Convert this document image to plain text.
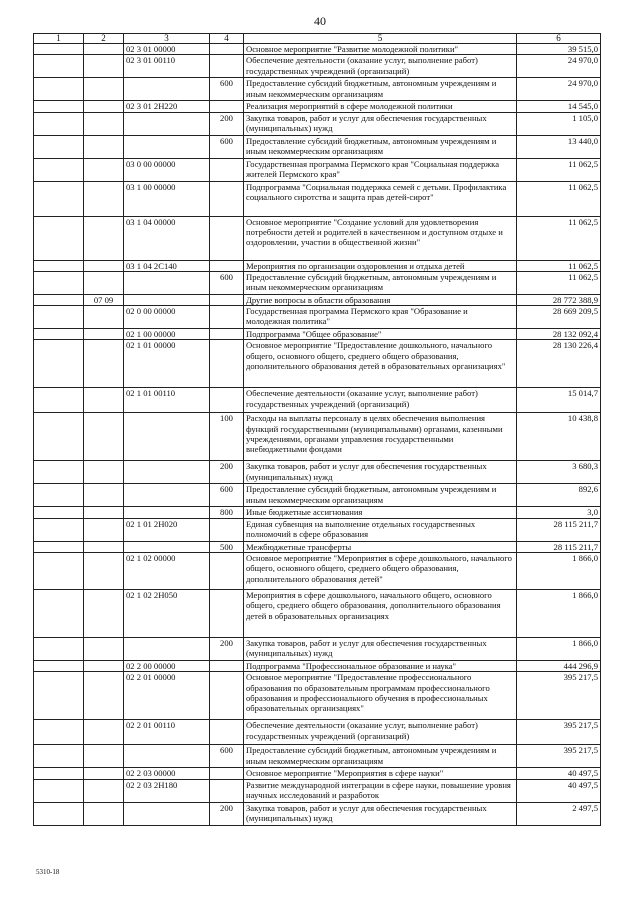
40
1	2	3	4	5	6
		02 3 01 00000		Основное мероприятие "Развитие молодежной политики"	39 515,0
		02 3 01 00110		Обеспечение деятельности (оказание услуг, выполнение работ) государственных учреждений (организаций)	24 970,0
			600	Предоставление субсидий бюджетным, автономным учреждениям и иным некоммерческим организациям	24 970,0
		02 3 01 2Н220		Реализация мероприятий в сфере молодежной политики	14 545,0
			200	Закупка товаров, работ и услуг для обеспечения государственных (муниципальных) нужд	1 105,0
			600	Предоставление субсидий бюджетным, автономным учреждениям и иным некоммерческим организациям	13 440,0
		03 0 00 00000		Государственная программа Пермского края "Социальная поддержка жителей Пермского края"	11 062,5
		03 1 00 00000		Подпрограмма "Социальная поддержка семей с детьми. Профилактика социального сиротства и защита прав детей-сирот"	11 062,5
		03 1 04 00000		Основное мероприятие "Создание условий для удовлетворения потребности детей и родителей в качественном и доступном отдыхе и оздоровлении, участии в общественной жизни"	11 062,5
		03 1 04 2С140		Мероприятия по организации оздоровления и отдыха детей	11 062,5
			600	Предоставление субсидий бюджетным, автономным учреждениям и иным некоммерческим организациям	11 062,5
	07 09			Другие вопросы в области образования	28 772 388,9
		02 0 00 00000		Государственная программа Пермского края "Образование и молодежная политика"	28 669 209,5
		02 1 00 00000		Подпрограмма "Общее образование"	28 132 092,4
		02 1 01 00000		Основное мероприятие "Предоставление дошкольного, начального общего, основного общего, среднего общего образования, дополнительного образования детей в образовательных организациях"	28 130 226,4
		02 1 01 00110		Обеспечение деятельности (оказание услуг, выполнение работ) государственных учреждений (организаций)	15 014,7
			100	Расходы на выплаты персоналу в целях обеспечения выполнения функций государственными (муниципальными) органами, казенными учреждениями, органами управления государственными внебюджетными фондами	10 438,8
			200	Закупка товаров, работ и услуг для обеспечения государственных (муниципальных) нужд	3 680,3
			600	Предоставление субсидий бюджетным, автономным учреждениям и иным некоммерческим организациям	892,6
			800	Иные бюджетные ассигнования	3,0
		02 1 01 2Н020		Единая субвенция на выполнение отдельных государственных полномочий в сфере образования	28 115 211,7
			500	Межбюджетные трансферты	28 115 211,7
		02 1 02 00000		Основное мероприятие "Мероприятия в сфере дошкольного, начального общего, основного общего, среднего общего образования, дополнительного образования детей"	1 866,0
		02 1 02 2Н050		Мероприятия в сфере дошкольного, начального общего, основного общего, среднего общего образования, дополнительного образования детей в образовательных организациях	1 866,0
			200	Закупка товаров, работ и услуг для обеспечения государственных (муниципальных) нужд	1 866,0
		02 2 00 00000		Подпрограмма "Профессиональное образование и наука"	444 296,9
		02 2 01 00000		Основное мероприятие "Предоставление профессионального образования по образовательным программам профессионального образования и профессионального обучения в профессиональных образовательных организациях"	395 217,5
		02 2 01 00110		Обеспечение деятельности (оказание услуг, выполнение работ) государственных учреждений (организаций)	395 217,5
			600	Предоставление субсидий бюджетным, автономным учреждениям и иным некоммерческим организациям	395 217,5
		02 2 03 00000		Основное мероприятие "Мероприятия в сфере науки"	40 497,5
		02 2 03 2Н180		Развитие международной интеграции в сфере науки, повышение уровня научных исследований и разработок	40 497,5
			200	Закупка товаров, работ и услуг для обеспечения государственных (муниципальных) нужд	2 497,5
5310-18
